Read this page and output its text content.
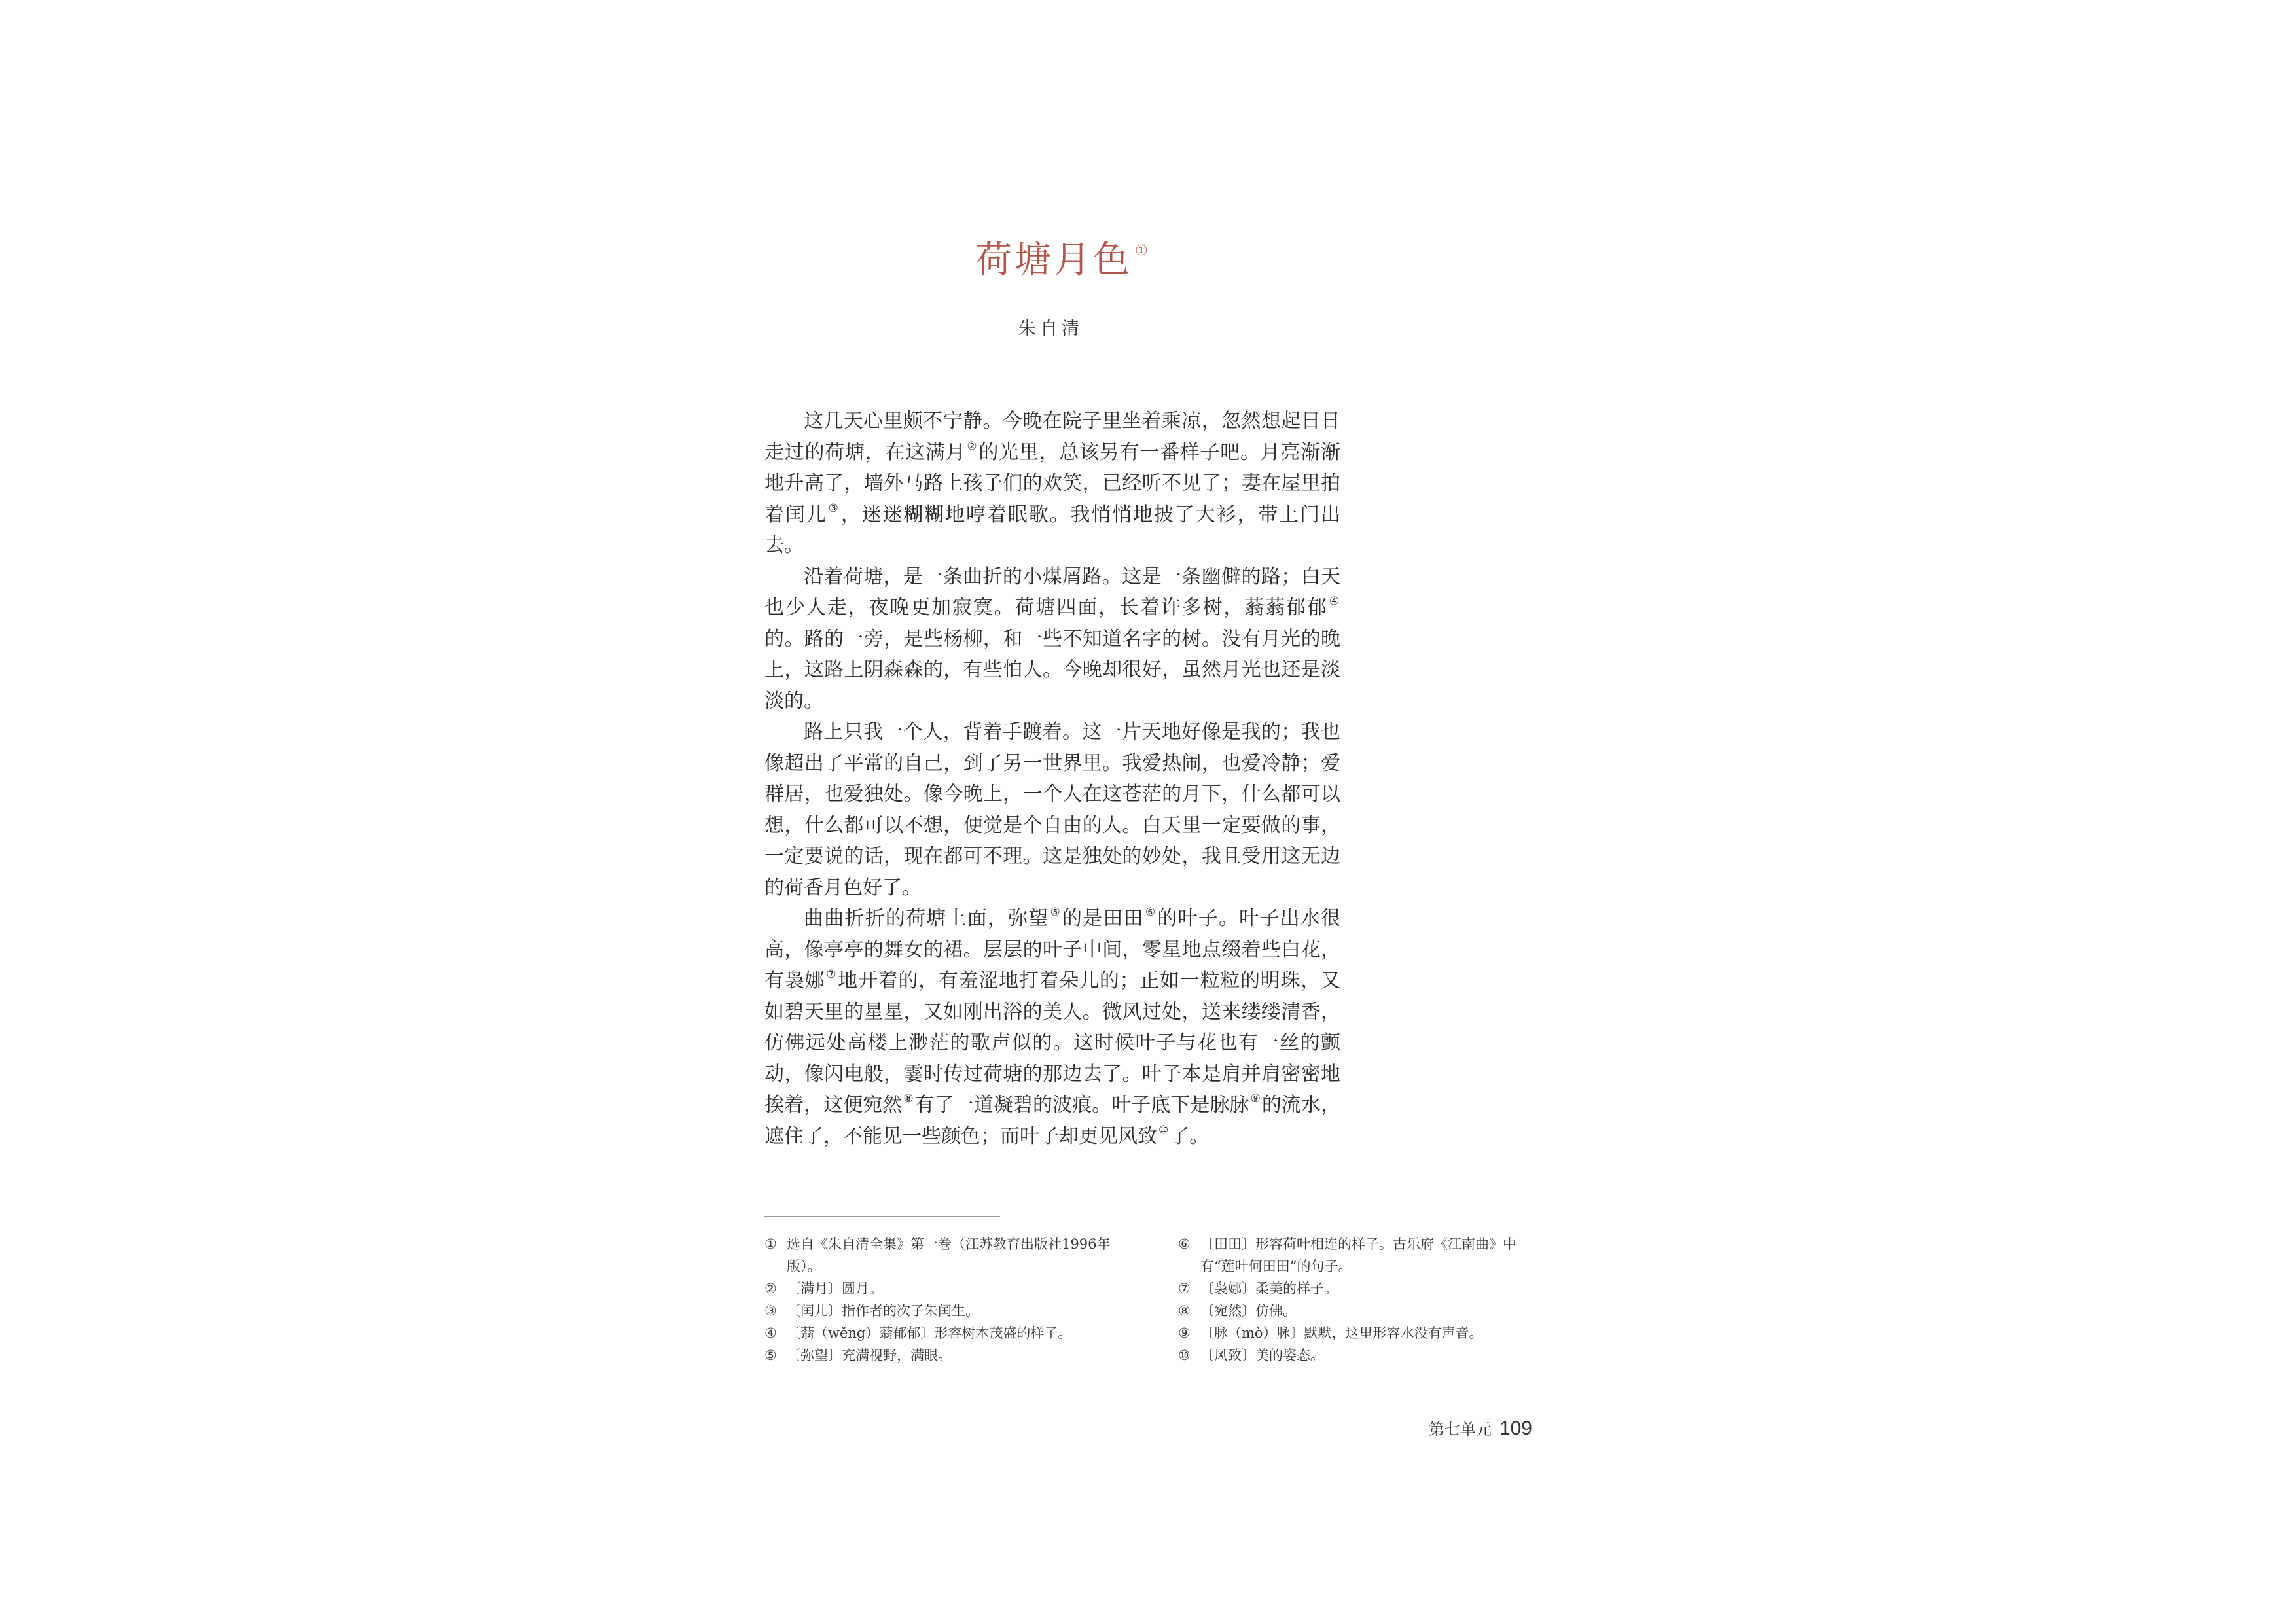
荷塘月色 ①
朱自清

这几天心里颇不宁静。今晚在院子里坐着乘凉，忽然想起日日走过的荷塘，在这满月 ②的光里，总该另有一番样子吧。月亮渐渐地升高了，墙外马路上孩子们的欢笑，已经听不见了；妻在屋里拍着闰儿 ③，迷迷糊糊地哼着眠歌。我悄悄地披了大衫，带上门出去。

沿着荷塘，是一条曲折的小煤屑路。这是一条幽僻的路；白天也少人走，夜晚更加寂寞。荷塘四面，长着许多树，蓊蓊郁郁 ④的。路的一旁，是些杨柳，和一些不知道名字的树。没有月光的晚上，这路上阴森森的，有些怕人。今晚却很好，虽然月光也还是淡淡的。

路上只我一个人，背着手踱着。这一片天地好像是我的；我也像超出了平常的自己，到了另一世界里。我爱热闹，也爱冷静；爱群居，也爱独处。像今晚上，一个人在这苍茫的月下，什么都可以想，什么都可以不想，便觉是个自由的人。白天里一定要做的事，一定要说的话，现在都可不理。这是独处的妙处，我且受用这无边的荷香月色好了。

曲曲折折的荷塘上面，弥望 ⑤的是田田 ⑥的叶子。叶子出水很高，像亭亭的舞女的裙。层层的叶子中间，零星地点缀着些白花，有袅娜 ⑦地开着的，有羞涩地打着朵儿的；正如一粒粒的明珠，又如碧天里的星星，又如刚出浴的美人。微风过处，送来缕缕清香，仿佛远处高楼上渺茫的歌声似的。这时候叶子与花也有一丝的颤动，像闪电般，霎时传过荷塘的那边去了。叶子本是肩并肩密密地挨着，这便宛然 ⑧有了一道凝碧的波痕。叶子底下是脉脉 ⑨的流水，遮住了，不能见一些颜色；而叶子却更见风致 ⑩了。

① 选自《朱自清全集》第一卷（江苏教育出版社1996年版）。
② 〔满月〕圆月。
③ 〔闰儿〕指作者的次子朱闰生。
④ 〔蓊（wěng）蓊郁郁〕形容树木茂盛的样子。
⑤ 〔弥望〕充满视野，满眼。
⑥ 〔田田〕形容荷叶相连的样子。古乐府《江南曲》中有“莲叶何田田”的句子。
⑦ 〔袅娜〕柔美的样子。
⑧ 〔宛然〕仿佛。
⑨ 〔脉（mò）脉〕默默，这里形容水没有声音。
⑩ 〔风致〕美的姿态。
第七单元 109
